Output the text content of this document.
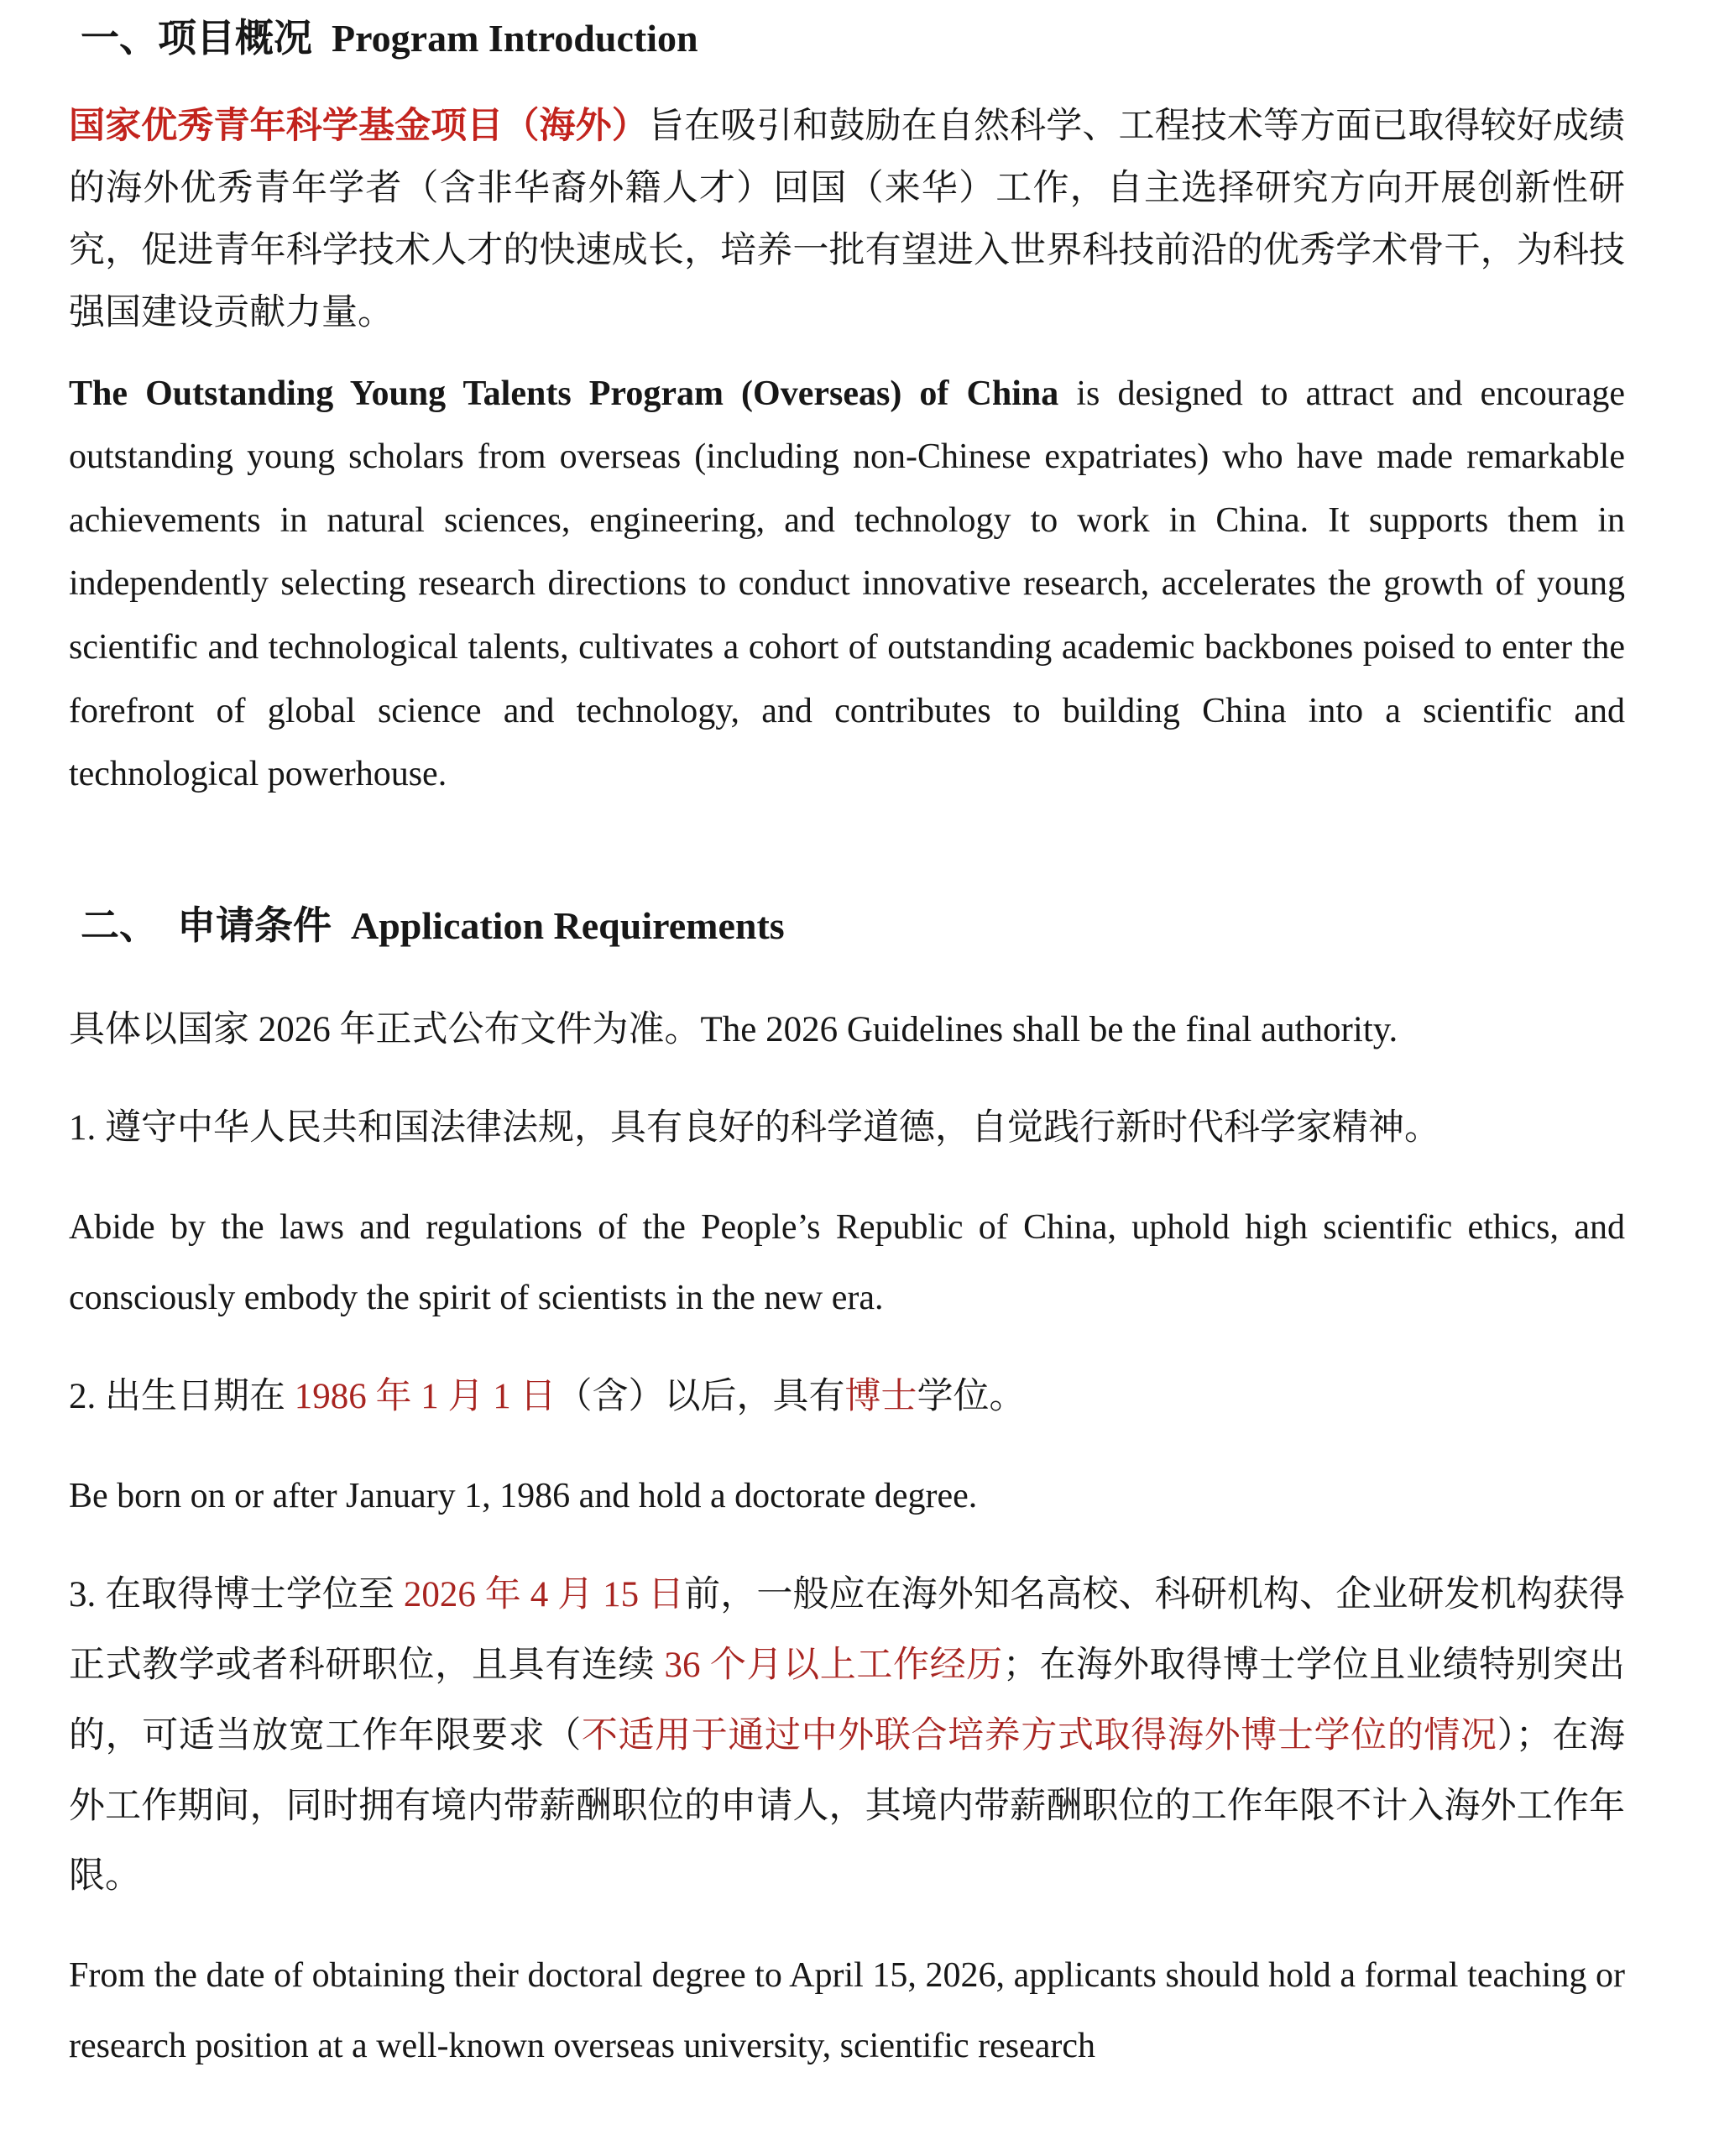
一、项目概况  Program Introduction

国家优秀青年科学基金项目（海外）旨在吸引和鼓励在自然科学、工程技术等方面已取得较好成绩的海外优秀青年学者（含非华裔外籍人才）回国（来华）工作，自主选择研究方向开展创新性研究，促进青年科学技术人才的快速成长，培养一批有望进入世界科技前沿的优秀学术骨干，为科技强国建设贡献力量。

The Outstanding Young Talents Program (Overseas) of China is designed to attract and encourage outstanding young scholars from overseas (including non-Chinese expatriates) who have made remarkable achievements in natural sciences, engineering, and technology to work in China. It supports them in independently selecting research directions to conduct innovative research, accelerates the growth of young scientific and technological talents, cultivates a cohort of outstanding academic backbones poised to enter the forefront of global science and technology, and contributes to building China into a scientific and technological powerhouse.

二、 申请条件 Application Requirements

具体以国家 2026 年正式公布文件为准。The 2026 Guidelines shall be the final authority.

1. 遵守中华人民共和国法律法规，具有良好的科学道德，自觉践行新时代科学家精神。

Abide by the laws and regulations of the People’s Republic of China, uphold high scientific ethics, and consciously embody the spirit of scientists in the new era.

2. 出生日期在 1986 年 1 月 1 日（含）以后，具有博士学位。

Be born on or after January 1, 1986 and hold a doctorate degree.

3. 在取得博士学位至 2026 年 4 月 15 日前，一般应在海外知名高校、科研机构、企业研发机构获得正式教学或者科研职位，且具有连续 36 个月以上工作经历；在海外取得博士学位且业绩特别突出的，可适当放宽工作年限要求（不适用于通过中外联合培养方式取得海外博士学位的情况）；在海外工作期间，同时拥有境内带薪酬职位的申请人，其境内带薪酬职位的工作年限不计入海外工作年限。

From the date of obtaining their doctoral degree to April 15, 2026, applicants should hold a formal teaching or research position at a well-known overseas university, scientific research
